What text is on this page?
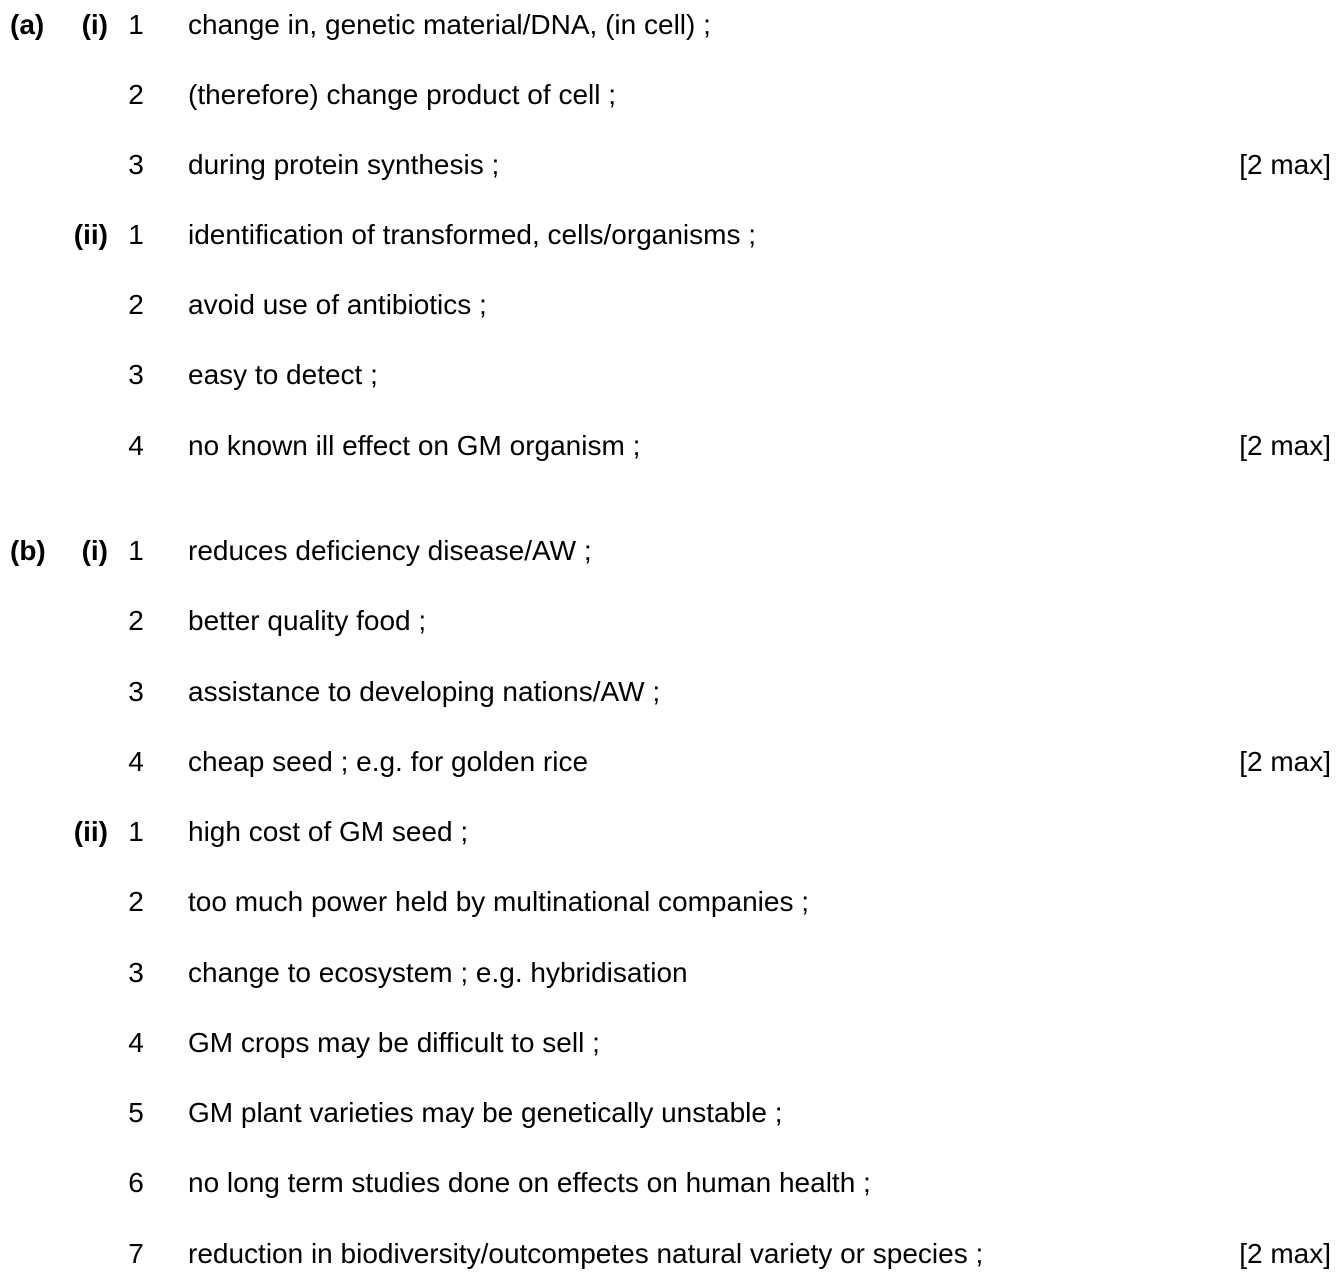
(a)	(i) 1 change in, genetic material/DNA, (in cell) ;
2 (therefore) change product of cell ;
3 during protein synthesis ;	[2 max]
(ii) 1 identification of transformed, cells/organisms ;
2 avoid use of antibiotics ;
3 easy to detect ;
4 no known ill effect on GM organism ;	[2 max]
(b)	(i) 1 reduces deficiency disease/AW ;
2 better quality food ;
3 assistance to developing nations/AW ;
4 cheap seed ; e.g. for golden rice	[2 max]
(ii) 1 high cost of GM seed ;
2 too much power held by multinational companies ;
3 change to ecosystem ; e.g. hybridisation
4 GM crops may be difficult to sell ;
5 GM plant varieties may be genetically unstable ;
6 no long term studies done on effects on human health ;
7 reduction in biodiversity/outcompetes natural variety or species ;	[2 max]
